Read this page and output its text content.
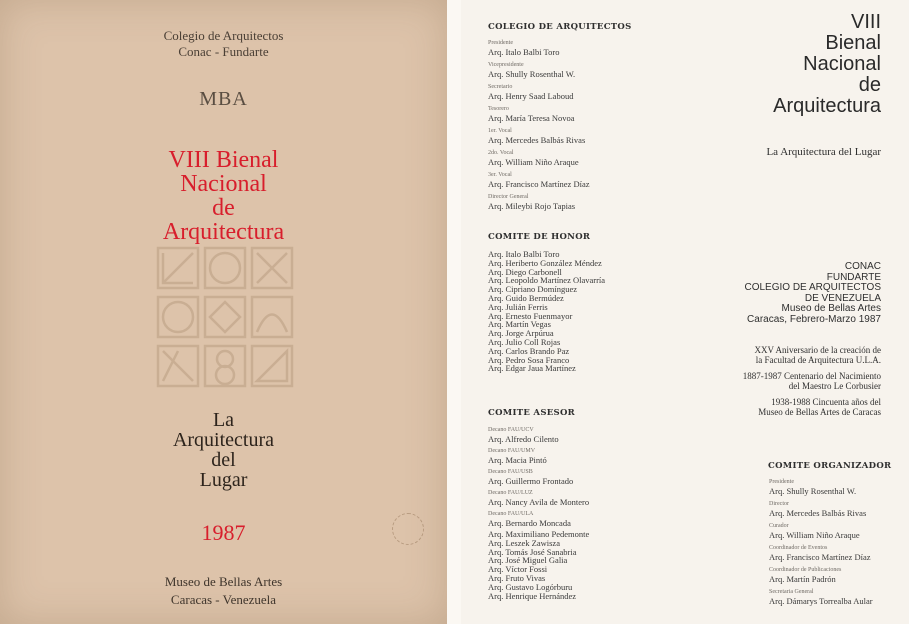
Colegio de Arquitectos
Conac - Fundarte
MBA
VIII Bienal
Nacional
de
Arquitectura
La
Arquitectura
del
Lugar
1987
Museo de Bellas Artes
Caracas - Venezuela
COLEGIO DE ARQUITECTOS
Presidente
Arq. Italo Balbi Toro
Vicepresidente
Arq. Shully Rosenthal W.
Secretario
Arq. Henry Saad Laboud
Tesorero
Arq. María Teresa Novoa
1er. Vocal
Arq. Mercedes Balbás Rivas
2do. Vocal
Arq. William Niño Araque
3er. Vocal
Arq. Francisco Martínez Díaz
Director General
Arq. Mileybi Rojo Tapias
COMITE DE HONOR
Arq. Italo Balbi Toro
Arq. Heriberto González Méndez
Arq. Diego Carbonell
Arq. Leopoldo Martínez Olavarría
Arq. Cipriano Domínguez
Arq. Guido Bermúdez
Arq. Julián Ferris
Arq. Ernesto Fuenmayor
Arq. Martín Vegas
Arq. Jorge Arpúrua
Arq. Julio Coll Rojas
Arq. Carlos Brando Paz
Arq. Pedro Sosa Franco
Arq. Edgar Jaua Martínez
COMITE ASESOR
Decano FAU/UCV
Arq. Alfredo Cilento
Decano FAU/UMV
Arq. Macia Pintó
Decano FAU/USB
Arq. Guillermo Frontado
Decano FAU/LUZ
Arq. Nancy Avila de Montero
Decano FAU/ULA
Arq. Bernardo Moncada
Arq. Maximiliano Pedemonte
Arq. Leszek Zawisza
Arq. Tomás José Sanabria
Arq. José Miguel Galia
Arq. Víctor Fossi
Arq. Fruto Vivas
Arq. Gustavo Logórburu
Arq. Henrique Hernández
VIII
Bienal
Nacional
de
Arquitectura
La Arquitectura del Lugar
CONAC
FUNDARTE
COLEGIO DE ARQUITECTOS
DE VENEZUELA
Museo de Bellas Artes
Caracas, Febrero-Marzo 1987
XXV Aniversario de la creación de
la Facultad de Arquitectura U.L.A.
1887-1987 Centenario del Nacimiento
del Maestro Le Corbusier
1938-1988 Cincuenta años del
Museo de Bellas Artes de Caracas
COMITE ORGANIZADOR
Presidente
Arq. Shully Rosenthal W.
Director
Arq. Mercedes Balbás Rivas
Curador
Arq. William Niño Araque
Coordinador de Eventos
Arq. Francisco Martínez Díaz
Coordinador de Publicaciones
Arq. Martín Padrón
Secretaria General
Arq. Dámarys Torrealba Aular
